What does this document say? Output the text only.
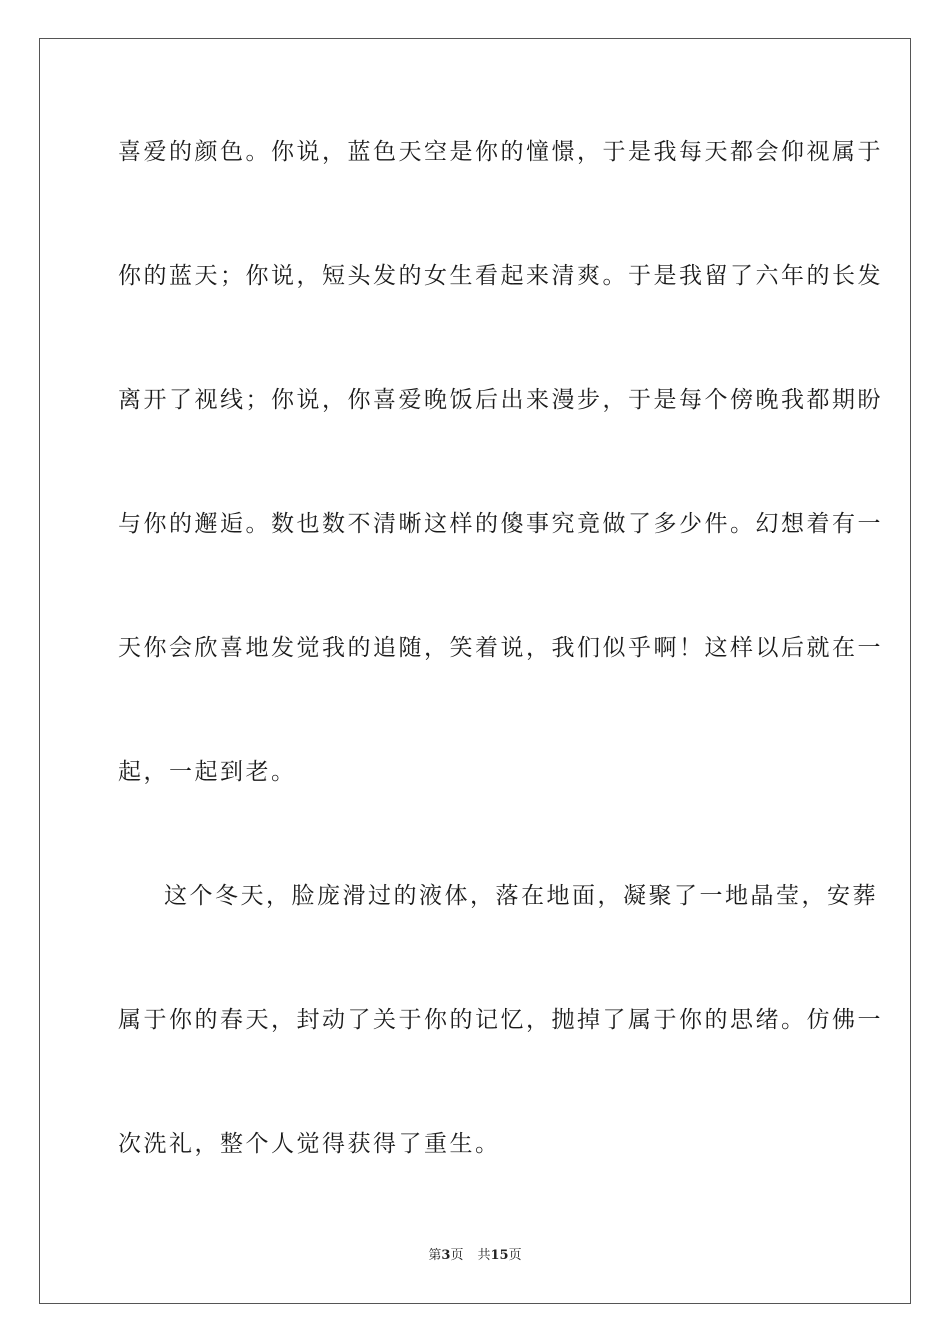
喜爱的颜色。你说，蓝色天空是你的憧憬，于是我每天都会仰视属于
你的蓝天；你说，短头发的女生看起来清爽。于是我留了六年的长发
离开了视线；你说，你喜爱晚饭后出来漫步，于是每个傍晚我都期盼
与你的邂逅。数也数不清晰这样的傻事究竟做了多少件。幻想着有一
天你会欣喜地发觉我的追随，笑着说，我们似乎啊！这样以后就在一
起，一起到老。
这个冬天，脸庞滑过的液体，落在地面，凝聚了一地晶莹，安葬
属于你的春天，封动了关于你的记忆，抛掉了属于你的思绪。仿佛一
次洗礼，整个人觉得获得了重生。
第3页 共15页
